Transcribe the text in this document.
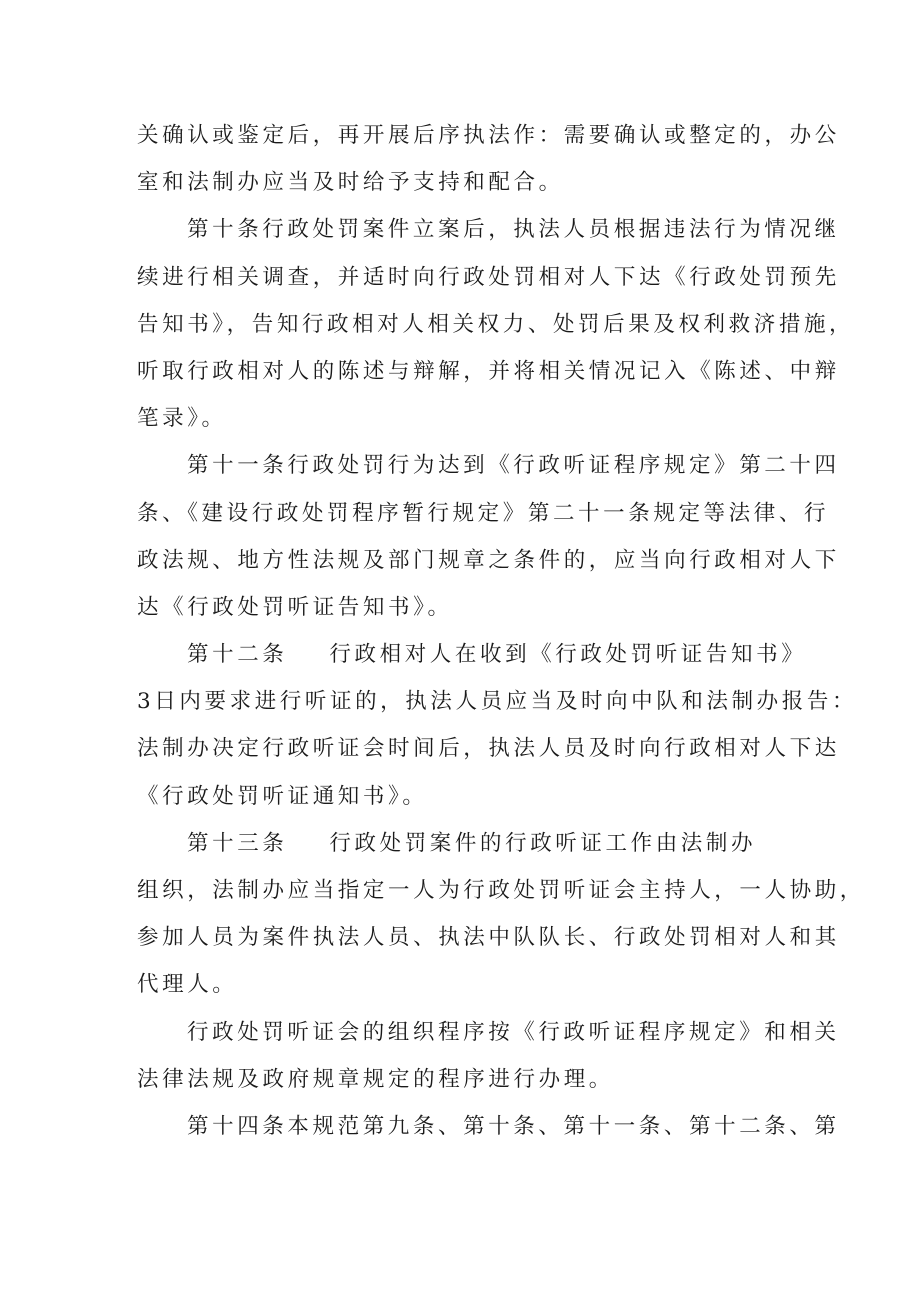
关确认或鉴定后，再开展后序执法作：需要确认或整定的，办公
室和法制办应当及时给予支持和配合。
第十条行政处罚案件立案后，执法人员根据违法行为情况继
续进行相关调查，并适时向行政处罚相对人下达《行政处罚预先
告知书》，告知行政相对人相关权力、处罚后果及权利救济措施，
听取行政相对人的陈述与辩解，并将相关情况记入《陈述、中辩
笔录》。
第十一条行政处罚行为达到《行政听证程序规定》第二十四
条、《建设行政处罚程序暂行规定》第二十一条规定等法律、行
政法规、地方性法规及部门规章之条件的，应当向行政相对人下
达《行政处罚听证告知书》。
第十二条 行政相对人在收到《行政处罚听证告知书》
3日内要求进行听证的，执法人员应当及时向中队和法制办报告：
法制办决定行政听证会时间后，执法人员及时向行政相对人下达
《行政处罚听证通知书》。
第十三条 行政处罚案件的行政听证工作由法制办
组织，法制办应当指定一人为行政处罚听证会主持人，一人协助，
参加人员为案件执法人员、执法中队队长、行政处罚相对人和其
代理人。
行政处罚听证会的组织程序按《行政听证程序规定》和相关
法律法规及政府规章规定的程序进行办理。
第十四条本规范第九条、第十条、第十一条、第十二条、第
